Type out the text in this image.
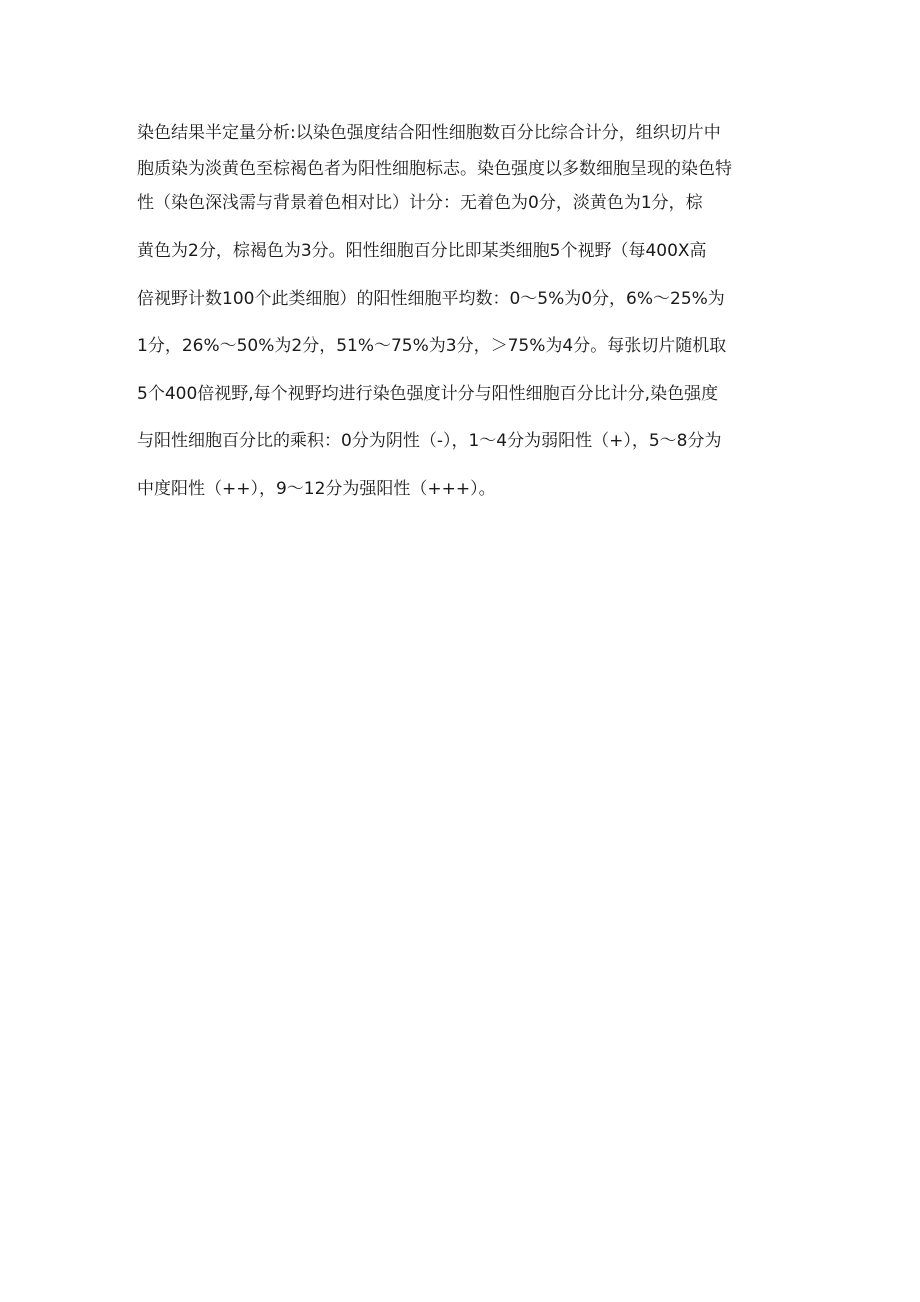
染色结果半定量分析:以染色强度结合阳性细胞数百分比综合计分，组织切片中
胞质染为淡黄色至棕褐色者为阳性细胞标志。染色强度以多数细胞呈现的染色特
性（染色深浅需与背景着色相对比）计分：无着色为0分，淡黄色为1分，棕
黄色为2分，棕褐色为3分。阳性细胞百分比即某类细胞5个视野（每400X高
倍视野计数100个此类细胞）的阳性细胞平均数：0～5%为0分，6%～25%为
1分，26%～50%为2分，51%～75%为3分，＞75%为4分。每张切片随机取
5个400倍视野,每个视野均进行染色强度计分与阳性细胞百分比计分,染色强度
与阳性细胞百分比的乘积：0分为阴性（-），1～4分为弱阳性（+），5～8分为
中度阳性（++），9～12分为强阳性（+++）。
